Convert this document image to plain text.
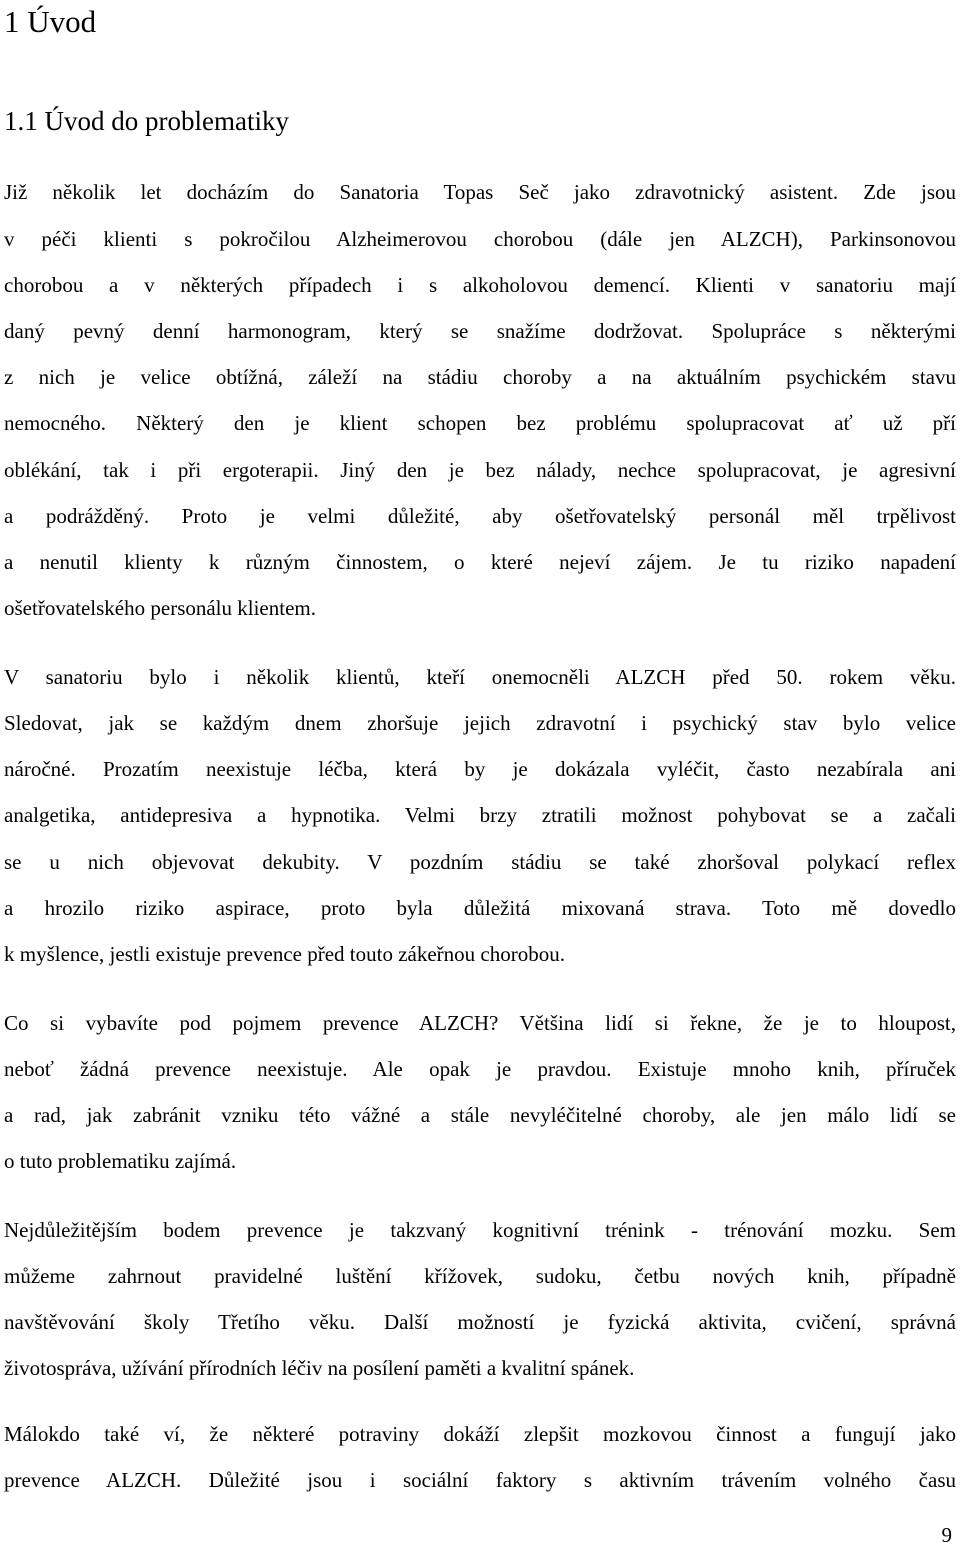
1 Úvod
1.1 Úvod do problematiky

Již několik let docházím do Sanatoria Topas Seč jako zdravotnický asistent. Zde jsou

v péči klienti s pokročilou Alzheimerovou chorobou (dále jen ALZCH), Parkinsonovou

chorobou a v některých případech i s alkoholovou demencí. Klienti v sanatoriu mají

daný pevný denní harmonogram, který se snažíme dodržovat. Spolupráce s některými

z nich je velice obtížná, záleží na stádiu choroby a na aktuálním psychickém stavu

nemocného. Některý den je klient schopen bez problému spolupracovat ať už pří

oblékání, tak i při ergoterapii. Jiný den je bez nálady, nechce spolupracovat, je agresivní

a podrážděný. Proto je velmi důležité, aby ošetřovatelský personál měl trpělivost

a nenutil klienty k různým činnostem, o které nejeví zájem. Je tu riziko napadení

ošetřovatelského personálu klientem.

V sanatoriu bylo i několik klientů, kteří onemocněli ALZCH před 50. rokem věku.

Sledovat, jak se každým dnem zhoršuje jejich zdravotní i psychický stav bylo velice

náročné. Prozatím neexistuje léčba, která by je dokázala vyléčit, často nezabírala ani

analgetika, antidepresiva a hypnotika. Velmi brzy ztratili možnost pohybovat se a začali

se u nich objevovat dekubity. V pozdním stádiu se také zhoršoval polykací reflex

a hrozilo riziko aspirace, proto byla důležitá mixovaná strava. Toto mě dovedlo

k myšlence, jestli existuje prevence před touto zákeřnou chorobou.

Co si vybavíte pod pojmem prevence ALZCH? Většina lidí si řekne, že je to hloupost,

neboť žádná prevence neexistuje. Ale opak je pravdou. Existuje mnoho knih, příruček

a rad, jak zabránit vzniku této vážné a stále nevyléčitelné choroby, ale jen málo lidí se

o tuto problematiku zajímá.

Nejdůležitějším bodem prevence je takzvaný kognitivní trénink - trénování mozku. Sem

můžeme zahrnout pravidelné luštění křížovek, sudoku, četbu nových knih, případně

navštěvování školy Třetího věku. Další možností je fyzická aktivita, cvičení, správná

životospráva, užívání přírodních léčiv na posílení paměti a kvalitní spánek.

Málokdo také ví, že některé potraviny dokáží zlepšit mozkovou činnost a fungují jako

prevence ALZCH. Důležité jsou i sociální faktory s aktivním trávením volného času

9
